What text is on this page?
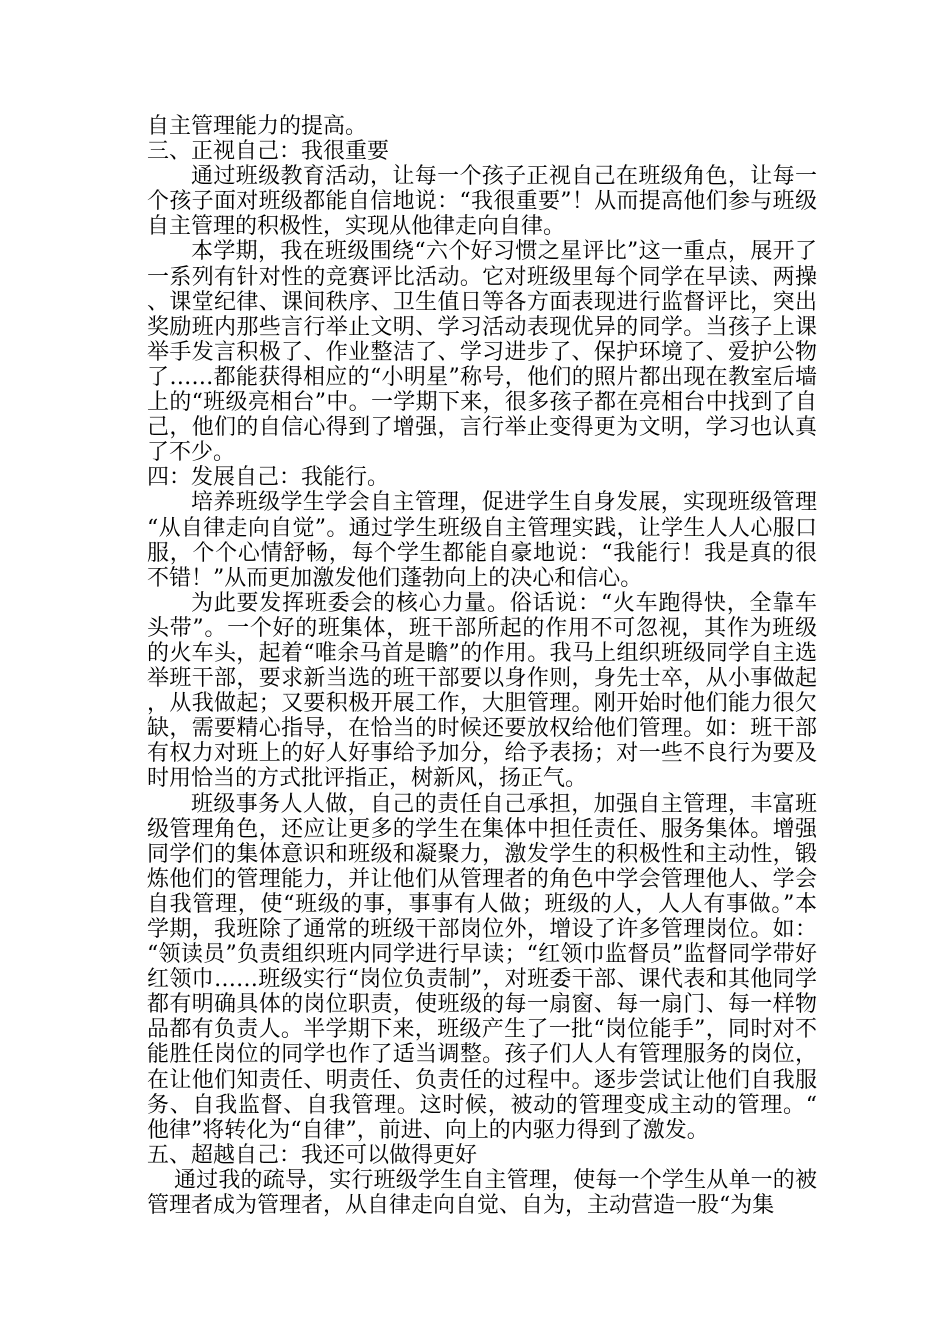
自主管理能力的提高。

三、正视自己：我很重要

通过班级教育活动，让每一个孩子正视自己在班级角色，让每一个孩子面对班级都能自信地说：“我很重要”！从而提高他们参与班级自主管理的积极性，实现从他律走向自律。

本学期，我在班级围绕“六个好习惯之星评比”这一重点，展开了一系列有针对性的竞赛评比活动。它对班级里每个同学在早读、两操、课堂纪律、课间秩序、卫生值日等各方面表现进行监督评比，突出奖励班内那些言行举止文明、学习活动表现优异的同学。当孩子上课举手发言积极了、作业整洁了、学习进步了、保护环境了、爱护公物了……都能获得相应的“小明星”称号，他们的照片都出现在教室后墙上的“班级亮相台”中。一学期下来，很多孩子都在亮相台中找到了自己，他们的自信心得到了增强，言行举止变得更为文明，学习也认真了不少。

四：发展自己：我能行。

培养班级学生学会自主管理，促进学生自身发展，实现班级管理“从自律走向自觉”。通过学生班级自主管理实践，让学生人人心服口服，个个心情舒畅，每个学生都能自豪地说：“我能行！我是真的很不错！”从而更加激发他们蓬勃向上的决心和信心。

为此要发挥班委会的核心力量。俗话说：“火车跑得快，全靠车头带”。一个好的班集体，班干部所起的作用不可忽视，其作为班级的火车头，起着“唯余马首是瞻”的作用。我马上组织班级同学自主选举班干部，要求新当选的班干部要以身作则，身先士卒，从小事做起，从我做起；又要积极开展工作，大胆管理。刚开始时他们能力很欠缺，需要精心指导，在恰当的时候还要放权给他们管理。如：班干部有权力对班上的好人好事给予加分，给予表扬；对一些不良行为要及时用恰当的方式批评指正，树新风，扬正气。

班级事务人人做，自己的责任自己承担，加强自主管理，丰富班级管理角色，还应让更多的学生在集体中担任责任、服务集体。增强同学们的集体意识和班级和凝聚力，激发学生的积极性和主动性，锻炼他们的管理能力，并让他们从管理者的角色中学会管理他人、学会自我管理，使“班级的事，事事有人做；班级的人，人人有事做。”本学期，我班除了通常的班级干部岗位外，增设了许多管理岗位。如：“领读员”负责组织班内同学进行早读；“红领巾监督员”监督同学带好红领巾……班级实行“岗位负责制”，对班委干部、课代表和其他同学都有明确具体的岗位职责，使班级的每一扇窗、每一扇门、每一样物品都有负责人。半学期下来，班级产生了一批“岗位能手”，同时对不能胜任岗位的同学也作了适当调整。孩子们人人有管理服务的岗位，在让他们知责任、明责任、负责任的过程中。逐步尝试让他们自我服务、自我监督、自我管理。这时候，被动的管理变成主动的管理。“他律”将转化为“自律”，前进、向上的内驱力得到了激发。

五、超越自己：我还可以做得更好

通过我的疏导，实行班级学生自主管理，使每一个学生从单一的被管理者成为管理者，从自律走向自觉、自为，主动营造一股“为集
